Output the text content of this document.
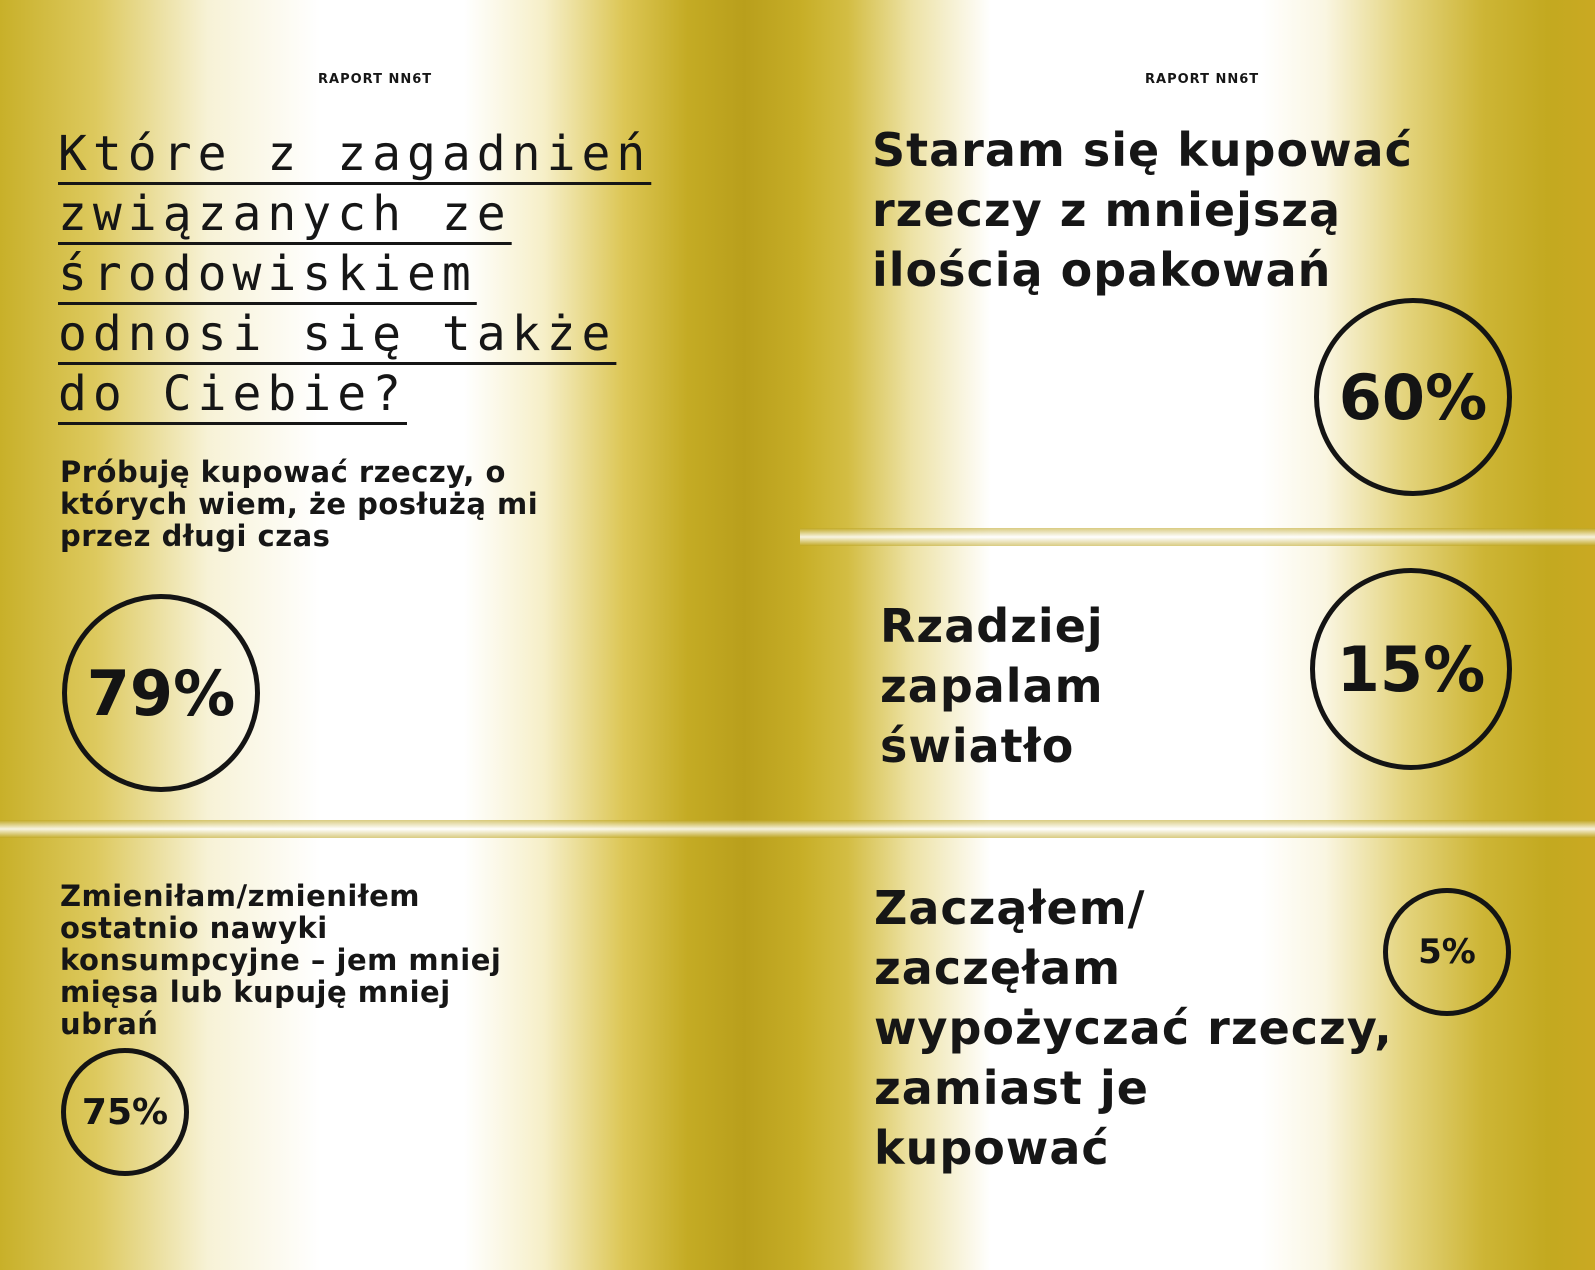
RAPORT NN6T
Które z zagadnień
związanych ze
środowiskiem
odnosi się także
do Ciebie?

Próbuję kupować rzeczy, o których wiem, że posłużą mi przez długi czas

79%

Zmieniłam/zmieniłem ostatnio nawyki konsumpcyjne – jem mniej mięsa lub kupuję mniej ubrań

75%
RAPORT NN6T

Staram się kupować rzeczy z mniejszą ilością opakowań

60%

Rzadziej zapalam światło

15%

Zacząłem/ zaczęłam wypożyczać rzeczy, zamiast je kupować

5%
